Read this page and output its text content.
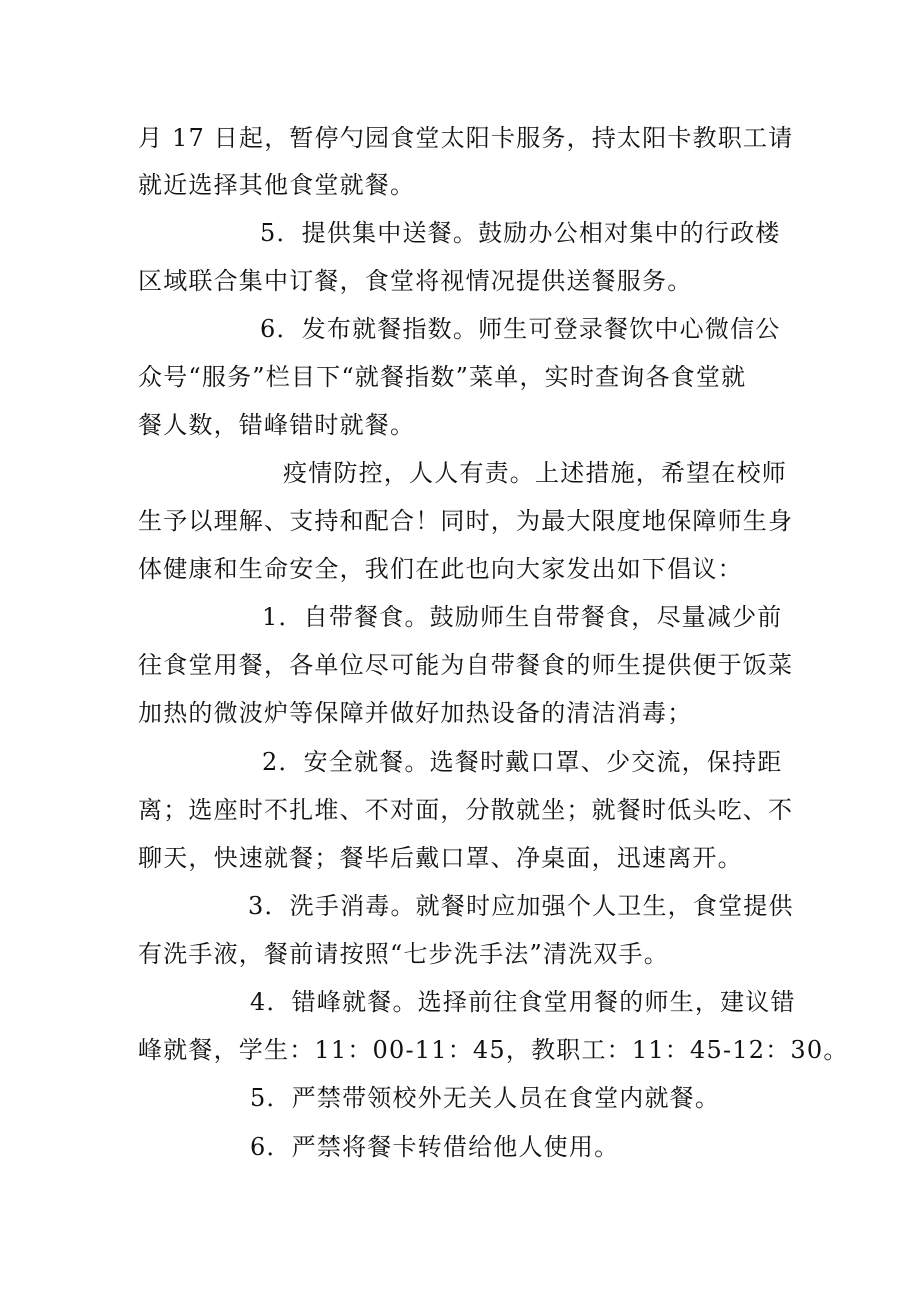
月 17 日起，暂停勺园食堂太阳卡服务，持太阳卡教职工请
就近选择其他食堂就餐。
5．提供集中送餐。鼓励办公相对集中的行政楼
区域联合集中订餐，食堂将视情况提供送餐服务。
6．发布就餐指数。师生可登录餐饮中心微信公
众号“服务”栏目下“就餐指数”菜单，实时查询各食堂就
餐人数，错峰错时就餐。
疫情防控，人人有责。上述措施，希望在校师
生予以理解、支持和配合！同时，为最大限度地保障师生身
体健康和生命安全，我们在此也向大家发出如下倡议：
1．自带餐食。鼓励师生自带餐食，尽量减少前
往食堂用餐，各单位尽可能为自带餐食的师生提供便于饭菜
加热的微波炉等保障并做好加热设备的清洁消毒；
2．安全就餐。选餐时戴口罩、少交流，保持距
离；选座时不扎堆、不对面，分散就坐；就餐时低头吃、不
聊天，快速就餐；餐毕后戴口罩、净桌面，迅速离开。
3．洗手消毒。就餐时应加强个人卫生，食堂提供
有洗手液，餐前请按照“七步洗手法”清洗双手。
4．错峰就餐。选择前往食堂用餐的师生，建议错
峰就餐，学生：11：00-11：45，教职工：11：45-12：30。
5．严禁带领校外无关人员在食堂内就餐。
6．严禁将餐卡转借给他人使用。
